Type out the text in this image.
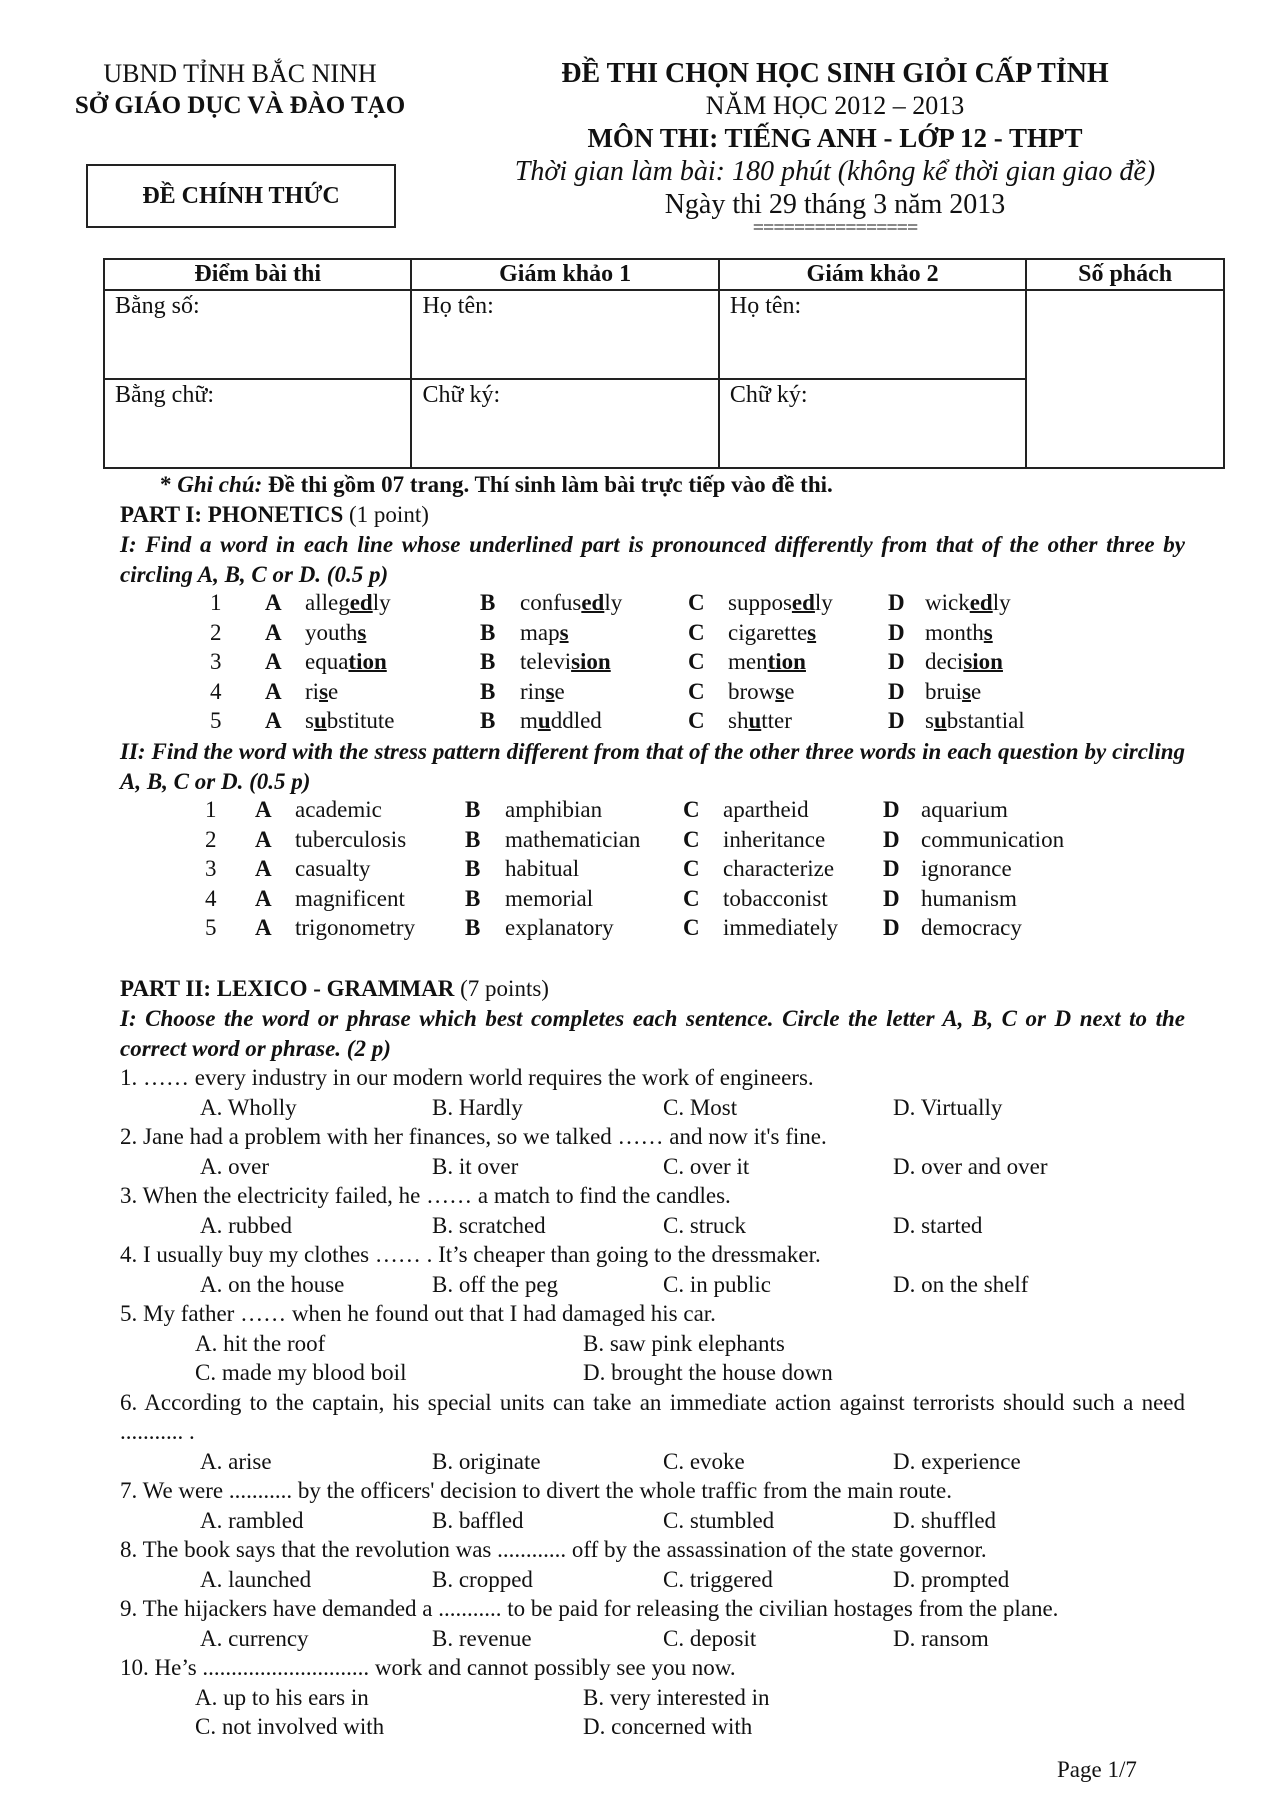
UBND TỈNH BẮC NINH
SỞ GIÁO DỤC VÀ ĐÀO TẠO
ĐỀ CHÍNH THỨC
ĐỀ THI CHỌN HỌC SINH GIỎI CẤP TỈNH
NĂM HỌC 2012 – 2013
MÔN THI: TIẾNG ANH - LỚP 12 - THPT
Thời gian làm bài: 180 phút (không kể thời gian giao đề)
Ngày thi 29 tháng 3 năm 2013
================
Điểm bài thi	Giám khảo 1	Giám khảo 2	Số phách
Bằng số:	Họ tên:	Họ tên:	
Bằng chữ:	Chữ ký:	Chữ ký:	
* Ghi chú: Đề thi gồm 07 trang. Thí sinh làm bài trực tiếp vào đề thi.
PART I: PHONETICS (1 point)
I: Find a word in each line whose underlined part is pronounced differently from that of the other three by circling A, B, C or D. (0.5 p)
1 A allegedly	B confusedly	C supposedly D wickedly
2 A youths	B maps	C cigarettes	D months
3 A equation	B television	C mention	D decision
4 A rise	B rinse	C browse	D bruise
5 A substitute	B muddled	C shutter	D substantial
II: Find the word with the stress pattern different from that of the other three words in each question by circling A, B, C or D. (0.5 p)
1 A academic	B amphibian	C apartheid	D aquarium
2 A tuberculosis	B mathematician C inheritance	D communication
3 A casualty	B habitual	C characterize D ignorance
4 A magnificent	B memorial	C tobacconist D humanism
5 A trigonometry B explanatory	C immediately D democracy
PART II: LEXICO - GRAMMAR (7 points)
I: Choose the word or phrase which best completes each sentence. Circle the letter A, B, C or D next to the correct word or phrase. (2 p)
1. …… every industry in our modern world requires the work of engineers.
A. Wholly	B. Hardly	C. Most	D. Virtually
2. Jane had a problem with her finances, so we talked …… and now it's fine.
A. over	B. it over	C. over it	D. over and over
3. When the electricity failed, he …… a match to find the candles.
A. rubbed	B. scratched	C. struck	D. started
4. I usually buy my clothes …… . It’s cheaper than going to the dressmaker.
A. on the house	B. off the peg	C. in public	D. on the shelf
5. My father …… when he found out that I had damaged his car.
A. hit the roof	B. saw pink elephants
C. made my blood boil	D. brought the house down
6. According to the captain, his special units can take an immediate action against terrorists should such a need ........... .
A. arise	B. originate	C. evoke	D. experience
7. We were ........... by the officers' decision to divert the whole traffic from the main route.
A. rambled	B. baffled	C. stumbled	D. shuffled
8. The book says that the revolution was ............ off by the assassination of the state governor.
A. launched	B. cropped	C. triggered	D. prompted
9. The hijackers have demanded a ........... to be paid for releasing the civilian hostages from the plane.
A. currency	B. revenue	C. deposit	D. ransom
10. He’s ............................. work and cannot possibly see you now.
A. up to his ears in	B. very interested in
C. not involved with	D. concerned with
Page 1/7
